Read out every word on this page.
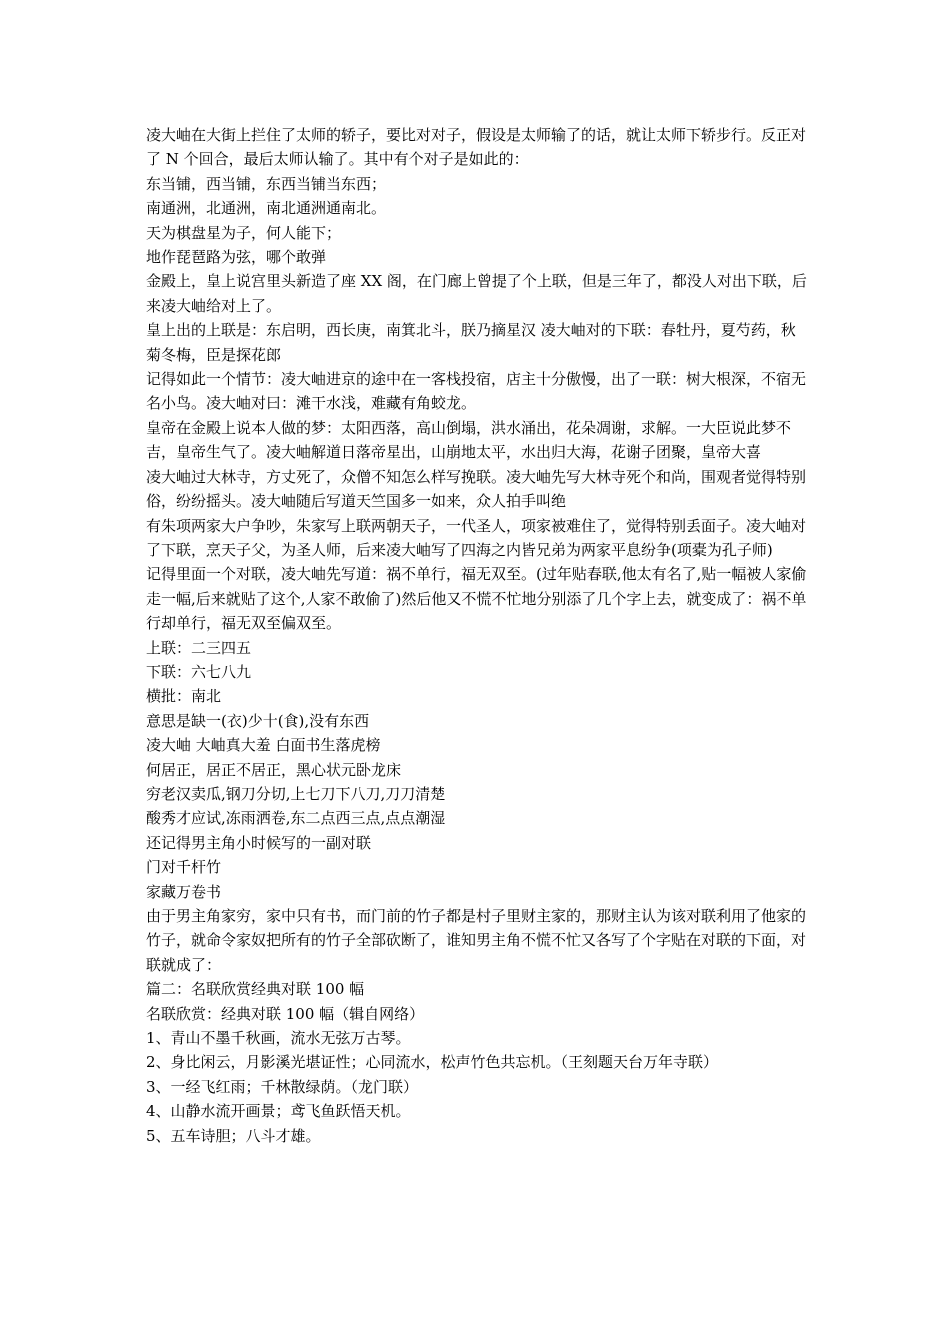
凌大岫在大街上拦住了太师的轿子，要比对对子，假设是太师输了的话，就让太师下轿步行。反正对了 N 个回合，最后太师认输了。其中有个对子是如此的：

东当铺，西当铺，东西当铺当东西；

南通洲，北通洲，南北通洲通南北。

天为棋盘星为子，何人能下；

地作琵琶路为弦，哪个敢弹

金殿上，皇上说宫里头新造了座 XX 阁，在门廊上曾提了个上联，但是三年了，都没人对出下联，后来凌大岫给对上了。

皇上出的上联是：东启明，西长庚，南箕北斗，朕乃摘星汉 凌大岫对的下联：春牡丹，夏芍药，秋菊冬梅，臣是探花郎

记得如此一个情节：凌大岫进京的途中在一客栈投宿，店主十分傲慢，出了一联：树大根深，不宿无名小鸟。凌大岫对曰：滩干水浅，难藏有角蛟龙。

皇帝在金殿上说本人做的梦：太阳西落，高山倒塌，洪水涌出，花朵凋谢，求解。一大臣说此梦不吉，皇帝生气了。凌大岫解道日落帝星出，山崩地太平，水出归大海，花谢子团聚，皇帝大喜

凌大岫过大林寺，方丈死了，众僧不知怎么样写挽联。凌大岫先写大林寺死个和尚，围观者觉得特别俗，纷纷摇头。凌大岫随后写道天竺国多一如来，众人拍手叫绝

有朱项两家大户争吵，朱家写上联两朝天子，一代圣人，项家被难住了，觉得特别丢面子。凌大岫对了下联，烹天子父，为圣人师，后来凌大岫写了四海之内皆兄弟为两家平息纷争(项橐为孔子师)

记得里面一个对联，凌大岫先写道：祸不单行，福无双至。(过年贴春联,他太有名了,贴一幅被人家偷走一幅,后来就贴了这个,人家不敢偷了)然后他又不慌不忙地分别添了几个字上去，就变成了：祸不单行却单行，福无双至偏双至。

上联：二三四五

下联：六七八九

横批：南北

意思是缺一(衣)少十(食),没有东西

凌大岫 大岫真大羞 白面书生落虎榜

何居正，居正不居正，黑心状元卧龙床

穷老汉卖瓜,钢刀分切,上七刀下八刀,刀刀清楚

酸秀才应试,冻雨洒卷,东二点西三点,点点潮湿

还记得男主角小时候写的一副对联

门对千杆竹

家藏万卷书

由于男主角家穷，家中只有书，而门前的竹子都是村子里财主家的，那财主认为该对联利用了他家的竹子，就命令家奴把所有的竹子全部砍断了，谁知男主角不慌不忙又各写了个字贴在对联的下面，对联就成了：

篇二：名联欣赏经典对联 100 幅

名联欣赏：经典对联 100 幅（辑自网络）

1、青山不墨千秋画，流水无弦万古琴。

2、身比闲云，月影溪光堪证性；心同流水，松声竹色共忘机。（王刻题天台万年寺联）

3、一经飞红雨；千林散绿荫。（龙门联）

4、山静水流开画景；鸢飞鱼跃悟天机。

5、五车诗胆；八斗才雄。
